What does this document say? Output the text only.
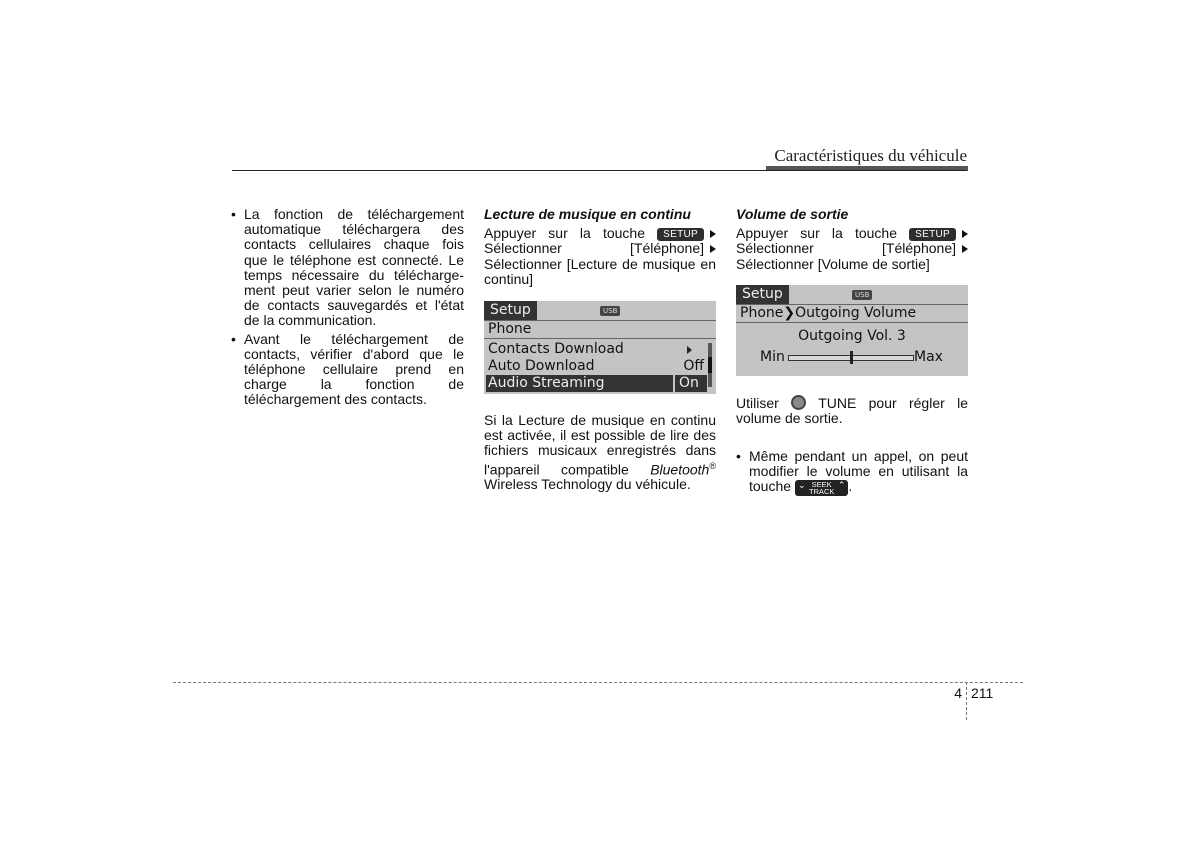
Caractéristiques du véhicule
• La fonction de téléchargement automatique téléchargera des contacts cellulaires chaque fois que le téléphone est connecté. Le temps nécessaire du télécharge-ment peut varier selon le numéro de contacts sauvegardés et l'état de la communication.
• Avant le téléchargement de contacts, vérifier d'abord que le téléphone cellulaire prend en charge la fonction de téléchargement des contacts.
Lecture de musique en continu
Appuyer sur la touche SETUP
Sélectionner [Téléphone]
Sélectionner [Lecture de musique en continu]
Setup	USB
Phone
Contacts Download
Auto Download	Off
Audio Streaming	On
Si la Lecture de musique en continu est activée, il est possible de lire des fichiers musicaux enregistrés dans l'appareil compatible Bluetooth®
Wireless Technology du véhicule.
Volume de sortie
Appuyer sur la touche SETUP
Sélectionner [Téléphone]
Sélectionner [Volume de sortie]
Setup	USB
Phone❯Outgoing Volume
Outgoing Vol. 3
Min	Max
Utiliser	TUNE pour régler le volume de sortie.
• Même pendant un appel, on peut modifier le volume en utilisant la touche ⌄ SEEK
TRACK
⌃ .
4 211
